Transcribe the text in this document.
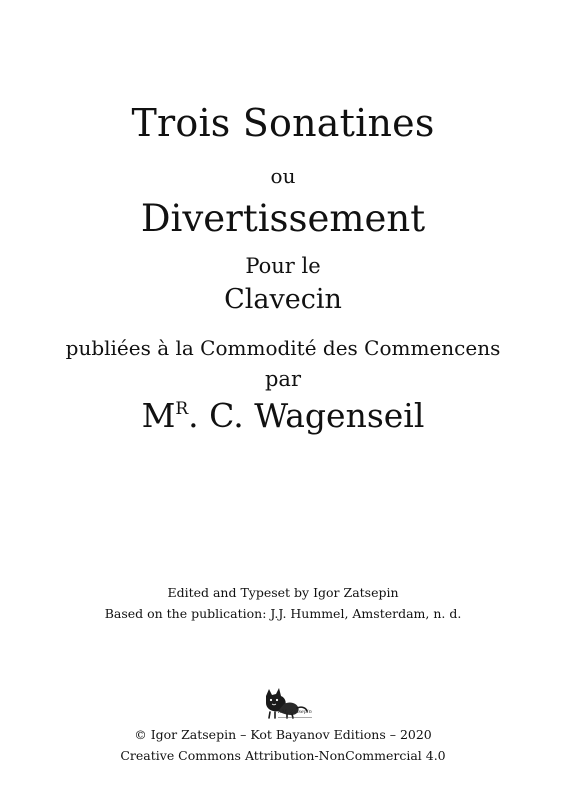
Trois Sonatines
ou
Divertissement
Pour le
Clavecin
publiées à la Commodité des Commencens
par
$M^R$. C. Wagenseil
Edited and Typeset by Igor Zatsepin
Based on the publication: J.J. Hummel, Amsterdam, n. d.
I.M. Zatsepin
© Igor Zatsepin – Kot Bayanov Editions – 2020
Creative Commons Attribution-NonCommercial 4.0
